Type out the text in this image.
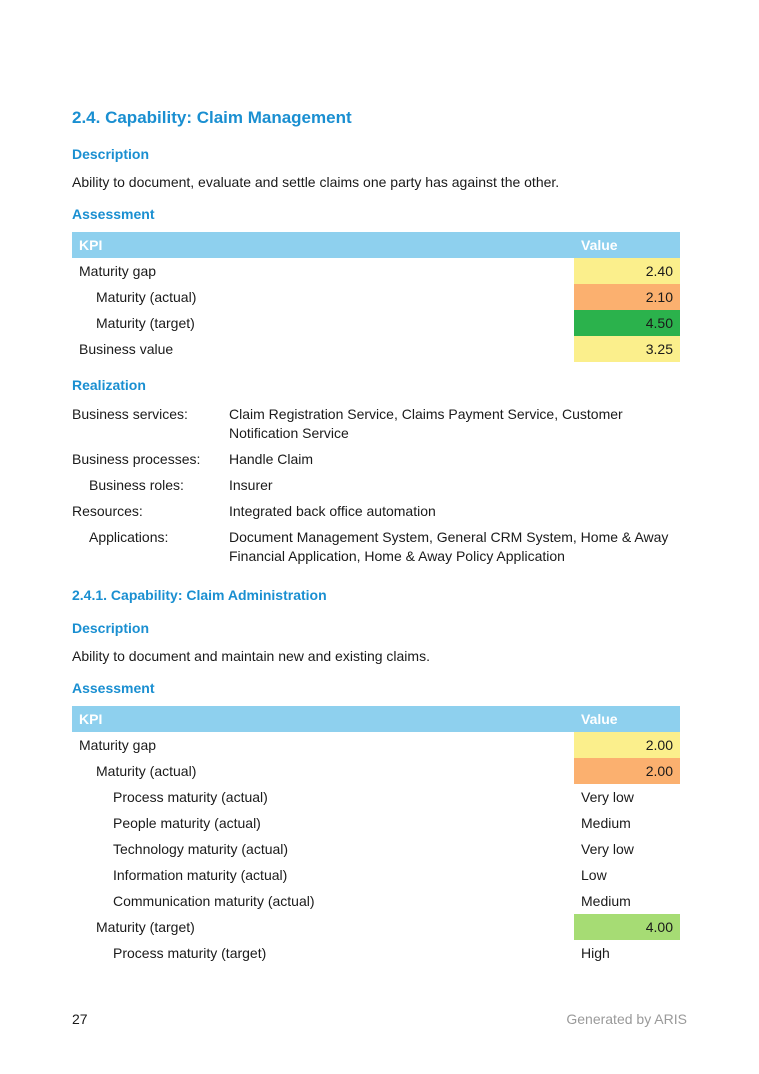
2.4. Capability: Claim Management
Description
Ability to document, evaluate and settle claims one party has against the other.
Assessment
KPI	Value
Maturity gap	2.40
Maturity (actual)	2.10
Maturity (target)	4.50
Business value	3.25
Realization
Business services:	Claim Registration Service, Claims Payment Service, Customer Notification Service
Business processes:	Handle Claim
Business roles:	Insurer
Resources:	Integrated back office automation
Applications:	Document Management System, General CRM System, Home & Away Financial Application, Home & Away Policy Application
2.4.1. Capability: Claim Administration
Description
Ability to document and maintain new and existing claims.
Assessment
KPI	Value
Maturity gap	2.00
Maturity (actual)	2.00
Process maturity (actual)	Very low
People maturity (actual)	Medium
Technology maturity (actual)	Very low
Information maturity (actual)	Low
Communication maturity (actual)	Medium
Maturity (target)	4.00
Process maturity (target)	High
27	Generated by ARIS
